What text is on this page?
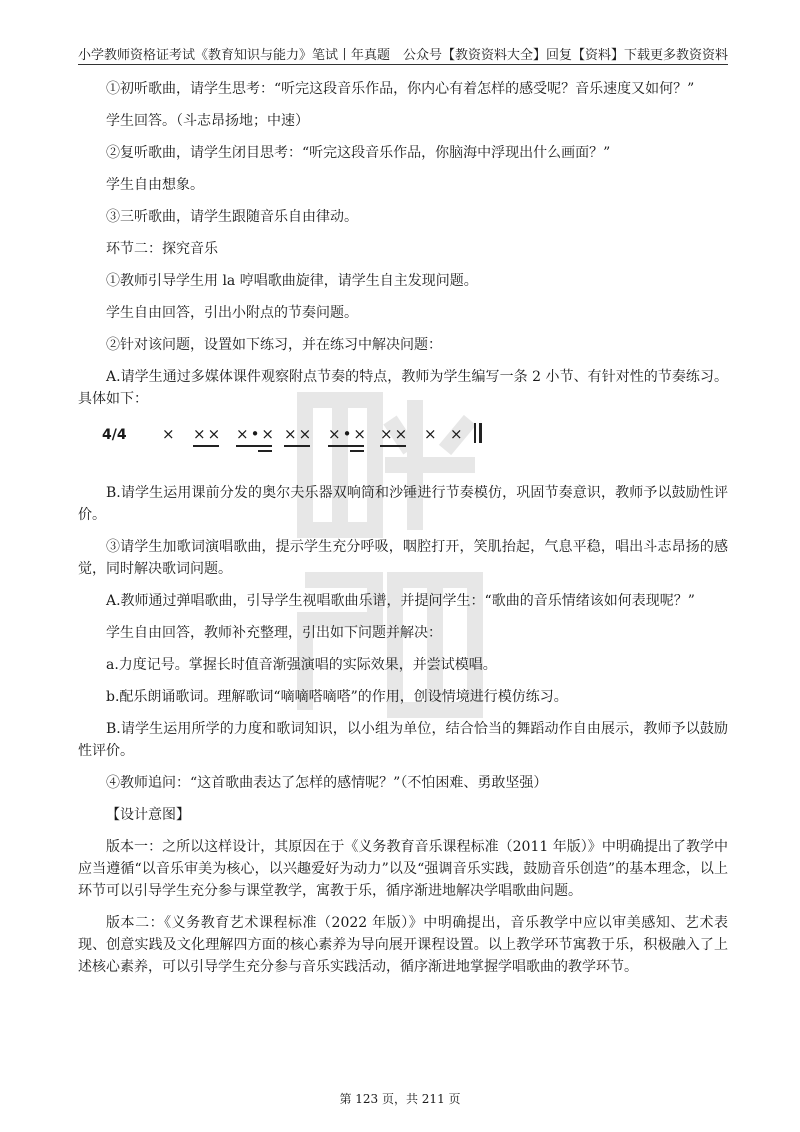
小学教师资格证考试《教育知识与能力》笔试丨年真题 公众号【教资资料大全】回复【资料】下载更多教资资料

①初听歌曲，请学生思考：“听完这段音乐作品，你内心有着怎样的感受呢？音乐速度又如何？”

学生回答。（斗志昂扬地；中速）

②复听歌曲，请学生闭目思考：“听完这段音乐作品，你脑海中浮现出什么画面？”

学生自由想象。

③三听歌曲，请学生跟随音乐自由律动。

环节二：探究音乐

①教师引导学生用 la 哼唱歌曲旋律，请学生自主发现问题。

学生自由回答，引出小附点的节奏问题。

②针对该问题，设置如下练习，并在练习中解决问题：

A.请学生通过多媒体课件观察附点节奏的特点，教师为学生编写一条 2 小节、有针对性的节奏练习。具体如下：

4/4 × ×× ×•× ×× ×•× ×× × ×

B.请学生运用课前分发的奥尔夫乐器双响筒和沙锤进行节奏模仿，巩固节奏意识，教师予以鼓励性评价。

③请学生加歌词演唱歌曲，提示学生充分呼吸，咽腔打开，笑肌抬起，气息平稳，唱出斗志昂扬的感觉，同时解决歌词问题。

A.教师通过弹唱歌曲，引导学生视唱歌曲乐谱，并提问学生：“歌曲的音乐情绪该如何表现呢？”

学生自由回答，教师补充整理，引出如下问题并解决：

a.力度记号。掌握长时值音渐强演唱的实际效果，并尝试模唱。

b.配乐朗诵歌词。理解歌词“嘀嘀嗒嘀嗒”的作用，创设情境进行模仿练习。

B.请学生运用所学的力度和歌词知识，以小组为单位，结合恰当的舞蹈动作自由展示，教师予以鼓励性评价。

④教师追问：“这首歌曲表达了怎样的感情呢？”（不怕困难、勇敢坚强）

【设计意图】

版本一：之所以这样设计，其原因在于《义务教育音乐课程标准（2011 年版）》中明确提出了教学中应当遵循“以音乐审美为核心，以兴趣爱好为动力”以及“强调音乐实践，鼓励音乐创造”的基本理念，以上环节可以引导学生充分参与课堂教学，寓教于乐，循序渐进地解决学唱歌曲问题。

版本二：《义务教育艺术课程标准（2022 年版）》中明确提出，音乐教学中应以审美感知、艺术表现、创意实践及文化理解四方面的核心素养为导向展开课程设置。以上教学环节寓教于乐，积极融入了上述核心素养，可以引导学生充分参与音乐实践活动，循序渐进地掌握学唱歌曲的教学环节。

第 123 页，共 211 页
